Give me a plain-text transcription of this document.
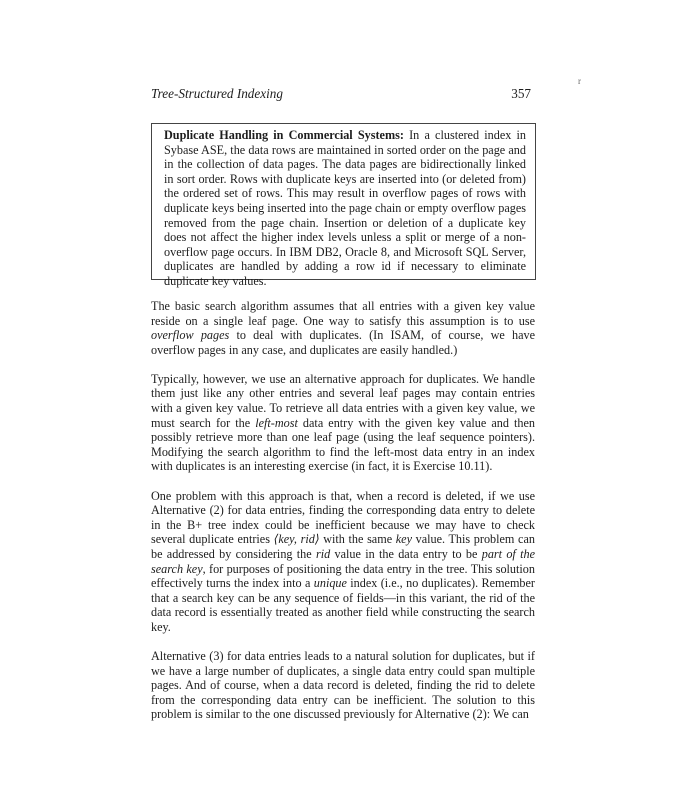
Tree-Structured Indexing	357
r

Duplicate Handling in Commercial Systems: In a clustered index in Sybase ASE, the data rows are maintained in sorted order on the page and in the collection of data pages. The data pages are bidirectionally linked in sort order. Rows with duplicate keys are inserted into (or deleted from) the ordered set of rows. This may result in overflow pages of rows with duplicate keys being inserted into the page chain or empty overflow pages removed from the page chain. Insertion or deletion of a duplicate key does not affect the higher index levels unless a split or merge of a non-overflow page occurs. In IBM DB2, Oracle 8, and Microsoft SQL Server, duplicates are handled by adding a row id if necessary to eliminate duplicate key values.

The basic search algorithm assumes that all entries with a given key value reside on a single leaf page. One way to satisfy this assumption is to use overflow pages to deal with duplicates. (In ISAM, of course, we have overflow pages in any case, and duplicates are easily handled.)

Typically, however, we use an alternative approach for duplicates. We handle them just like any other entries and several leaf pages may contain entries with a given key value. To retrieve all data entries with a given key value, we must search for the left-most data entry with the given key value and then possibly retrieve more than one leaf page (using the leaf sequence pointers). Modifying the search algorithm to find the left-most data entry in an index with duplicates is an interesting exercise (in fact, it is Exercise 10.11).

One problem with this approach is that, when a record is deleted, if we use Alternative (2) for data entries, finding the corresponding data entry to delete in the B+ tree index could be inefficient because we may have to check several duplicate entries ⟨key, rid⟩ with the same key value. This problem can be addressed by considering the rid value in the data entry to be part of the search key, for purposes of positioning the data entry in the tree. This solution effectively turns the index into a unique index (i.e., no duplicates). Remember that a search key can be any sequence of fields—in this variant, the rid of the data record is essentially treated as another field while constructing the search key.

Alternative (3) for data entries leads to a natural solution for duplicates, but if we have a large number of duplicates, a single data entry could span multiple pages. And of course, when a data record is deleted, finding the rid to delete from the corresponding data entry can be inefficient. The solution to this problem is similar to the one discussed previously for Alternative (2): We can
